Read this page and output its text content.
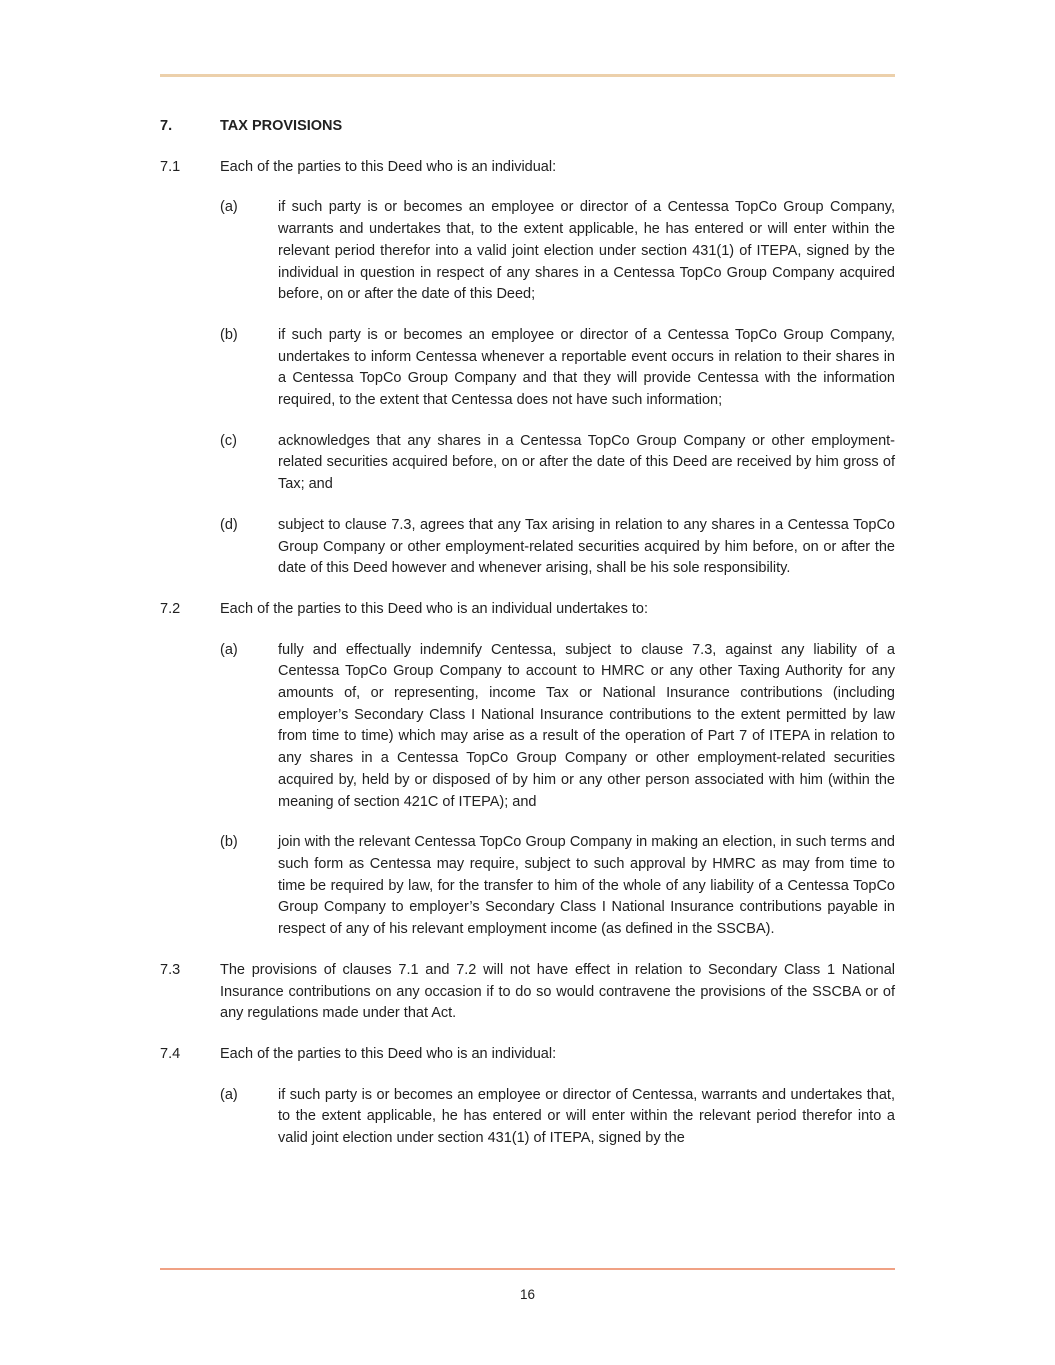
7.	TAX PROVISIONS
7.1	Each of the parties to this Deed who is an individual:
(a)	if such party is or becomes an employee or director of a Centessa TopCo Group Company, warrants and undertakes that, to the extent applicable, he has entered or will enter within the relevant period therefor into a valid joint election under section 431(1) of ITEPA, signed by the individual in question in respect of any shares in a Centessa TopCo Group Company acquired before, on or after the date of this Deed;
(b)	if such party is or becomes an employee or director of a Centessa TopCo Group Company, undertakes to inform Centessa whenever a reportable event occurs in relation to their shares in a Centessa TopCo Group Company and that they will provide Centessa with the information required, to the extent that Centessa does not have such information;
(c)	acknowledges that any shares in a Centessa TopCo Group Company or other employment-related securities acquired before, on or after the date of this Deed are received by him gross of Tax; and
(d)	subject to clause 7.3, agrees that any Tax arising in relation to any shares in a Centessa TopCo Group Company or other employment-related securities acquired by him before, on or after the date of this Deed however and whenever arising, shall be his sole responsibility.
7.2	Each of the parties to this Deed who is an individual undertakes to:
(a)	fully and effectually indemnify Centessa, subject to clause 7.3, against any liability of a Centessa TopCo Group Company to account to HMRC or any other Taxing Authority for any amounts of, or representing, income Tax or National Insurance contributions (including employer’s Secondary Class I National Insurance contributions to the extent permitted by law from time to time) which may arise as a result of the operation of Part 7 of ITEPA in relation to any shares in a Centessa TopCo Group Company or other employment-related securities acquired by, held by or disposed of by him or any other person associated with him (within the meaning of section 421C of ITEPA); and
(b)	join with the relevant Centessa TopCo Group Company in making an election, in such terms and such form as Centessa may require, subject to such approval by HMRC as may from time to time be required by law, for the transfer to him of the whole of any liability of a Centessa TopCo Group Company to employer’s Secondary Class I National Insurance contributions payable in respect of any of his relevant employment income (as defined in the SSCBA).
7.3	The provisions of clauses 7.1 and 7.2 will not have effect in relation to Secondary Class 1 National Insurance contributions on any occasion if to do so would contravene the provisions of the SSCBA or of any regulations made under that Act.
7.4	Each of the parties to this Deed who is an individual:
(a)	if such party is or becomes an employee or director of Centessa, warrants and undertakes that, to the extent applicable, he has entered or will enter within the relevant period therefor into a valid joint election under section 431(1) of ITEPA, signed by the
16
